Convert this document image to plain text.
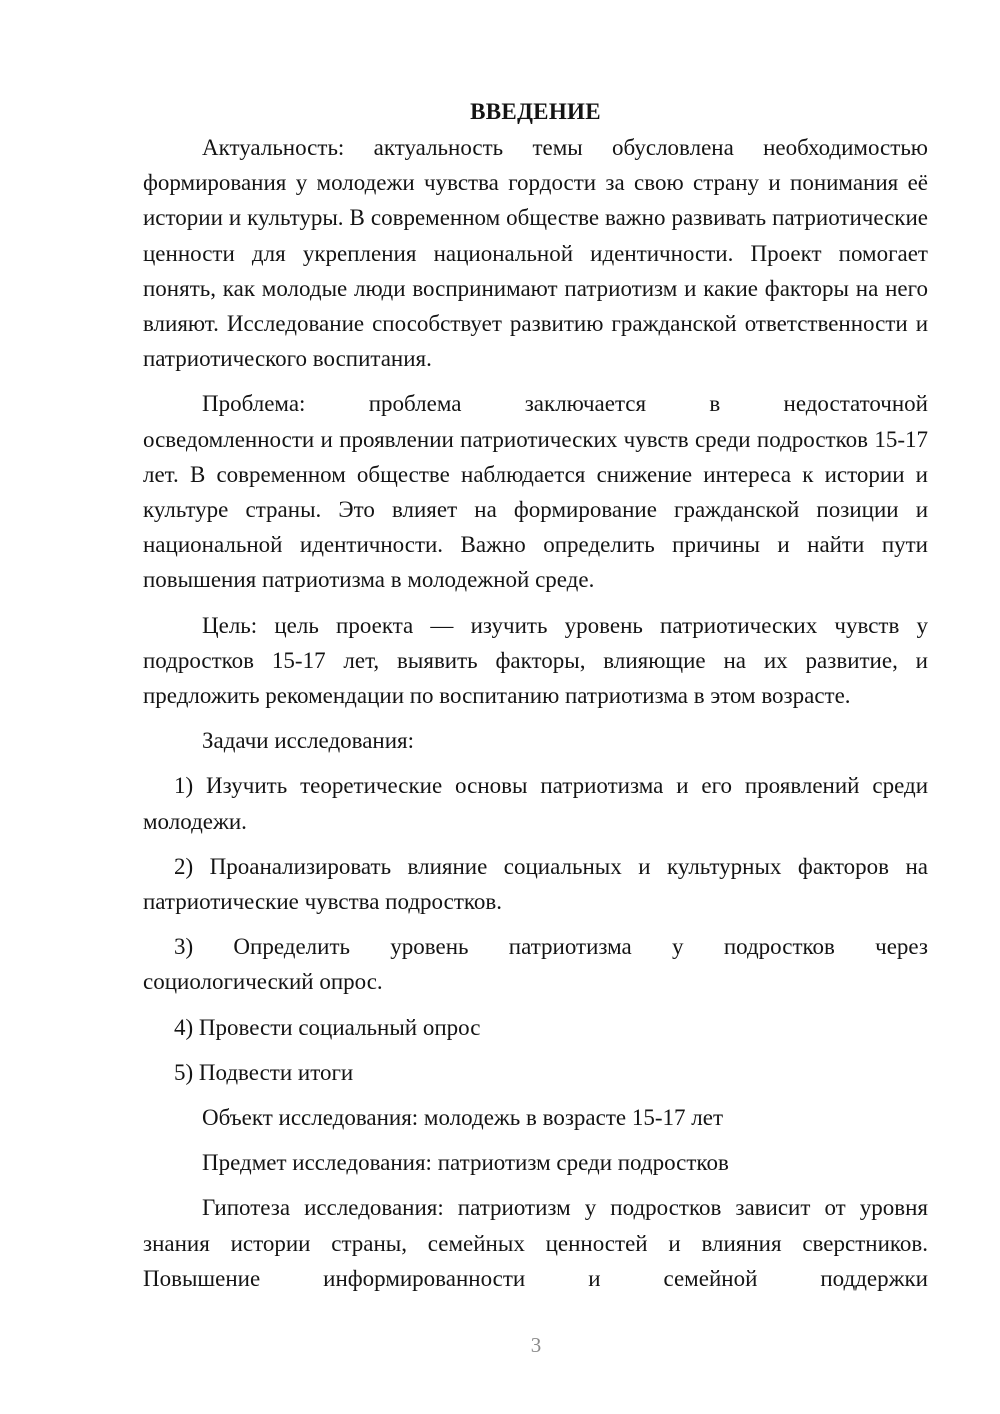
ВВЕДЕНИЕ

Актуальность: актуальность темы обусловлена необходимостью формирования у молодежи чувства гордости за свою страну и понимания её истории и культуры. В современном обществе важно развивать патриотические ценности для укрепления национальной идентичности. Проект помогает понять, как молодые люди воспринимают патриотизм и какие факторы на него влияют. Исследование способствует развитию гражданской ответственности и патриотического воспитания.

Проблема: проблема заключается в недостаточной

осведомленности и проявлении патриотических чувств среди подростков 15-17 лет. В современном обществе наблюдается снижение интереса к истории и культуре страны. Это влияет на формирование гражданской позиции и национальной идентичности. Важно определить причины и найти пути повышения патриотизма в молодежной среде.

Цель: цель проекта — изучить уровень патриотических чувств у подростков 15-17 лет, выявить факторы, влияющие на их развитие, и предложить рекомендации по воспитанию патриотизма в этом возрасте.

Задачи исследования:

1) Изучить теоретические основы патриотизма и его проявлений среди молодежи.

2) Проанализировать влияние социальных и культурных факторов на патриотические чувства подростков.

3) Определить уровень патриотизма у подростков через

социологический опрос.

4) Провести социальный опрос

5) Подвести итоги

Объект исследования: молодежь в возрасте 15-17 лет

Предмет исследования: патриотизм среди подростков

Гипотеза исследования: патриотизм у подростков зависит от уровня знания истории страны, семейных ценностей и влияния сверстников. Повышение информированности и семейной поддержки

3
